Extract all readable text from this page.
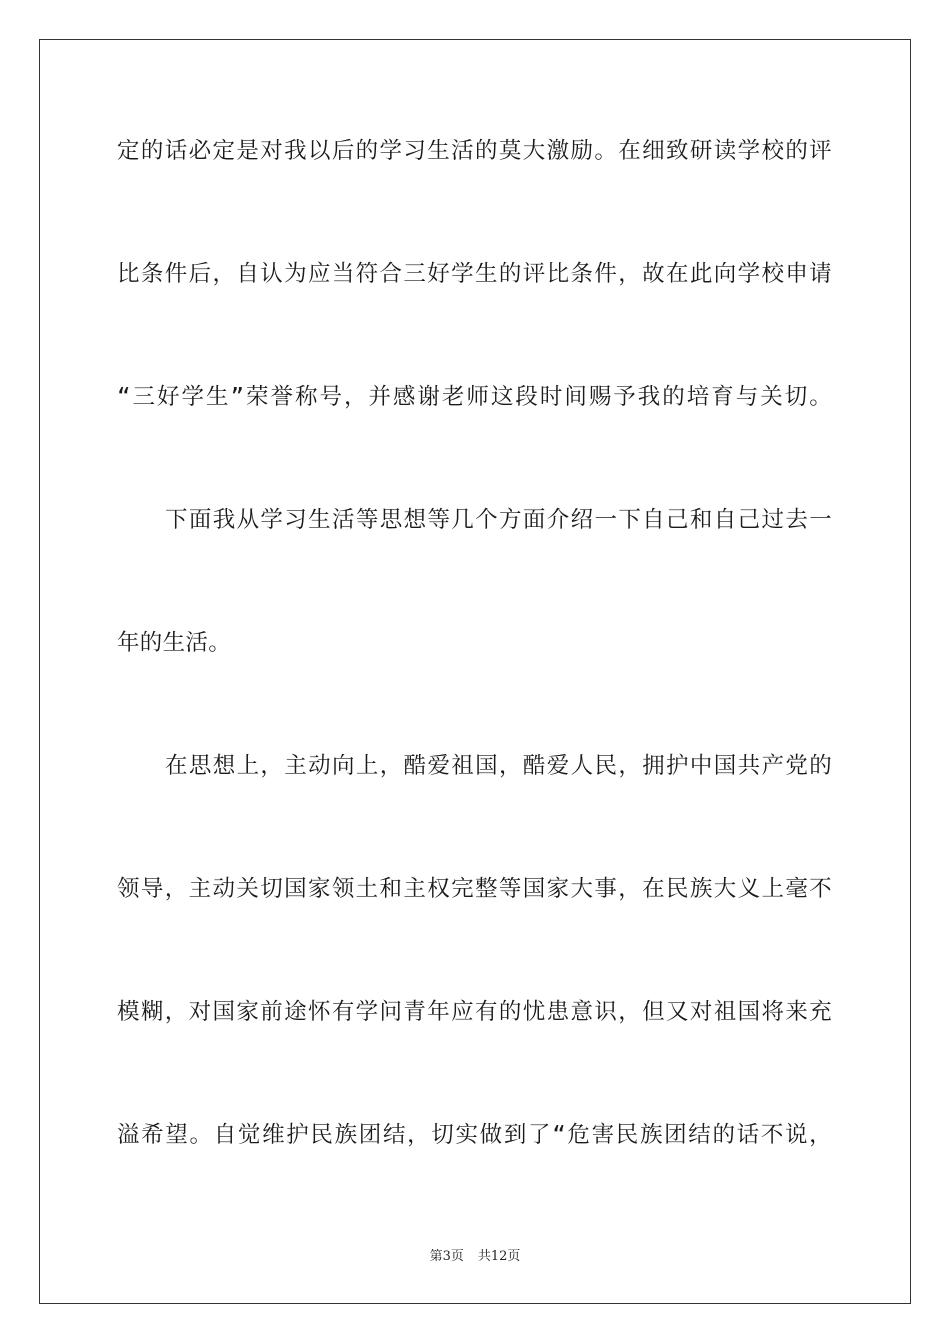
定的话必定是对我以后的学习生活的莫大激励。在细致研读学校的评

比条件后，自认为应当符合三好学生的评比条件，故在此向学校申请

“三好学生”荣誉称号，并感谢老师这段时间赐予我的培育与关切。

下面我从学习生活等思想等几个方面介绍一下自己和自己过去一

年的生活。

在思想上，主动向上，酷爱祖国，酷爱人民，拥护中国共产党的

领导，主动关切国家领土和主权完整等国家大事，在民族大义上毫不

模糊，对国家前途怀有学问青年应有的忧患意识，但又对祖国将来充

溢希望。自觉维护民族团结，切实做到了“危害民族团结的话不说，

第3页 共12页
